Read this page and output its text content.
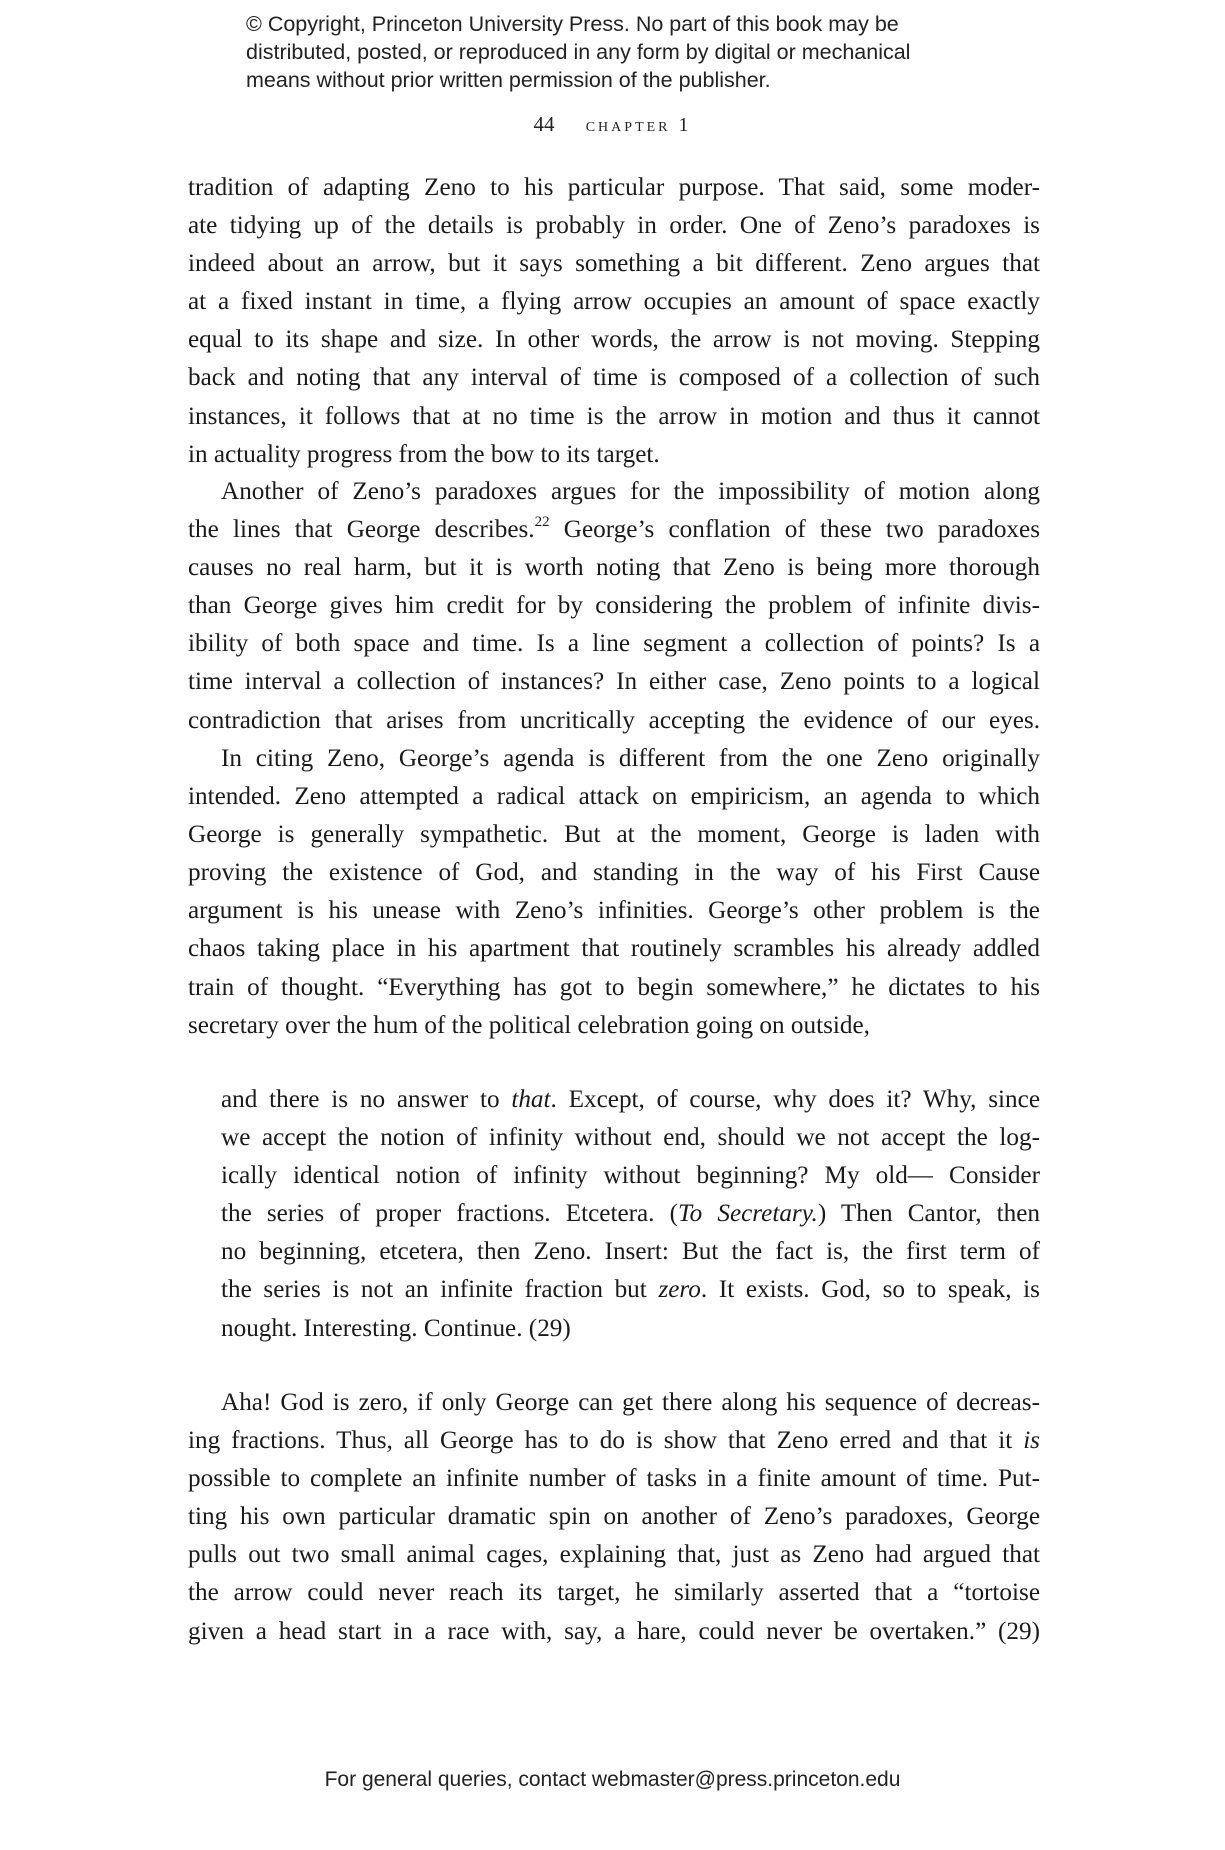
© Copyright, Princeton University Press. No part of this book may be
distributed, posted, or reproduced in any form by digital or mechanical
means without prior written permission of the publisher.
44 chapter 1

tradition of adapting Zeno to his particular purpose. That said, some moder-
ate tidying up of the details is probably in order. One of Zeno’s paradoxes is
indeed about an arrow, but it says something a bit different. Zeno argues that
at a fixed instant in time, a flying arrow occupies an amount of space exactly
equal to its shape and size. In other words, the arrow is not moving. Stepping
back and noting that any interval of time is composed of a collection of such
instances, it follows that at no time is the arrow in motion and thus it cannot
in actuality progress from the bow to its target.

Another of Zeno’s paradoxes argues for the impossibility of motion along
the lines that George describes.$^{22}$ George’s conflation of these two paradoxes
causes no real harm, but it is worth noting that Zeno is being more thorough
than George gives him credit for by considering the problem of infinite divis-
ibility of both space and time. Is a line segment a collection of points? Is a
time interval a collection of instances? In either case, Zeno points to a logical
contradiction that arises from uncritically accepting the evidence of our eyes.

In citing Zeno, George’s agenda is different from the one Zeno originally
intended. Zeno attempted a radical attack on empiricism, an agenda to which
George is generally sympathetic. But at the moment, George is laden with
proving the existence of God, and standing in the way of his First Cause
argument is his unease with Zeno’s infinities. George’s other problem is the
chaos taking place in his apartment that routinely scrambles his already addled
train of thought. “Everything has got to begin somewhere,” he dictates to his
secretary over the hum of the political celebration going on outside,

and there is no answer to that. Except, of course, why does it? Why, since
we accept the notion of infinity without end, should we not accept the log-
ically identical notion of infinity without beginning? My old— Consider
the series of proper fractions. Etcetera. (To Secretary.) Then Cantor, then
no beginning, etcetera, then Zeno. Insert: But the fact is, the first term of
the series is not an infinite fraction but zero. It exists. God, so to speak, is
nought. Interesting. Continue. (29)

Aha! God is zero, if only George can get there along his sequence of decreas-
ing fractions. Thus, all George has to do is show that Zeno erred and that it is
possible to complete an infinite number of tasks in a finite amount of time. Put-
ting his own particular dramatic spin on another of Zeno’s paradoxes, George
pulls out two small animal cages, explaining that, just as Zeno had argued that
the arrow could never reach its target, he similarly asserted that a “tortoise
given a head start in a race with, say, a hare, could never be overtaken.” (29)

For general queries, contact webmaster@press.princeton.edu
